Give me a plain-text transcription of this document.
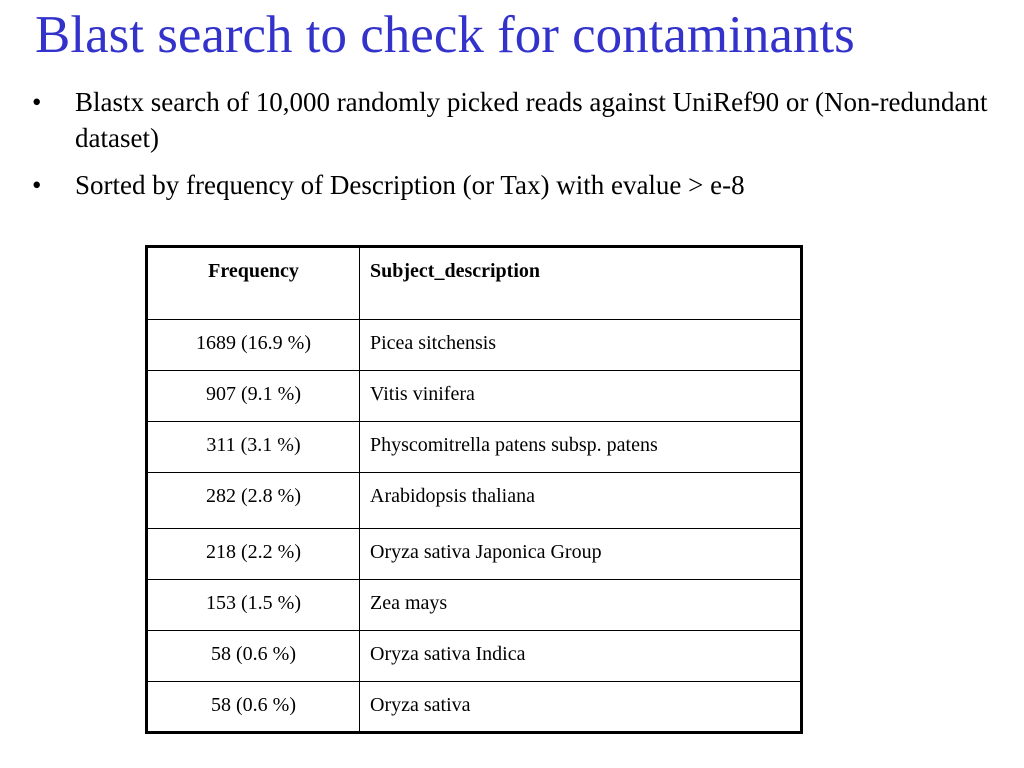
Blast search to check for contaminants
• Blastx search of 10,000 randomly picked reads against UniRef90 or (Non-redundant dataset)
• Sorted by frequency of Description (or Tax) with evalue > e-8
Frequency	Subject_description
1689 (16.9 %)	Picea sitchensis
907 (9.1 %)	Vitis vinifera
311 (3.1 %)	Physcomitrella patens subsp. patens
282 (2.8 %)	Arabidopsis thaliana
218 (2.2 %)	Oryza sativa Japonica Group
153 (1.5 %)	Zea mays
58 (0.6 %)	Oryza sativa Indica
58 (0.6 %)	Oryza sativa
